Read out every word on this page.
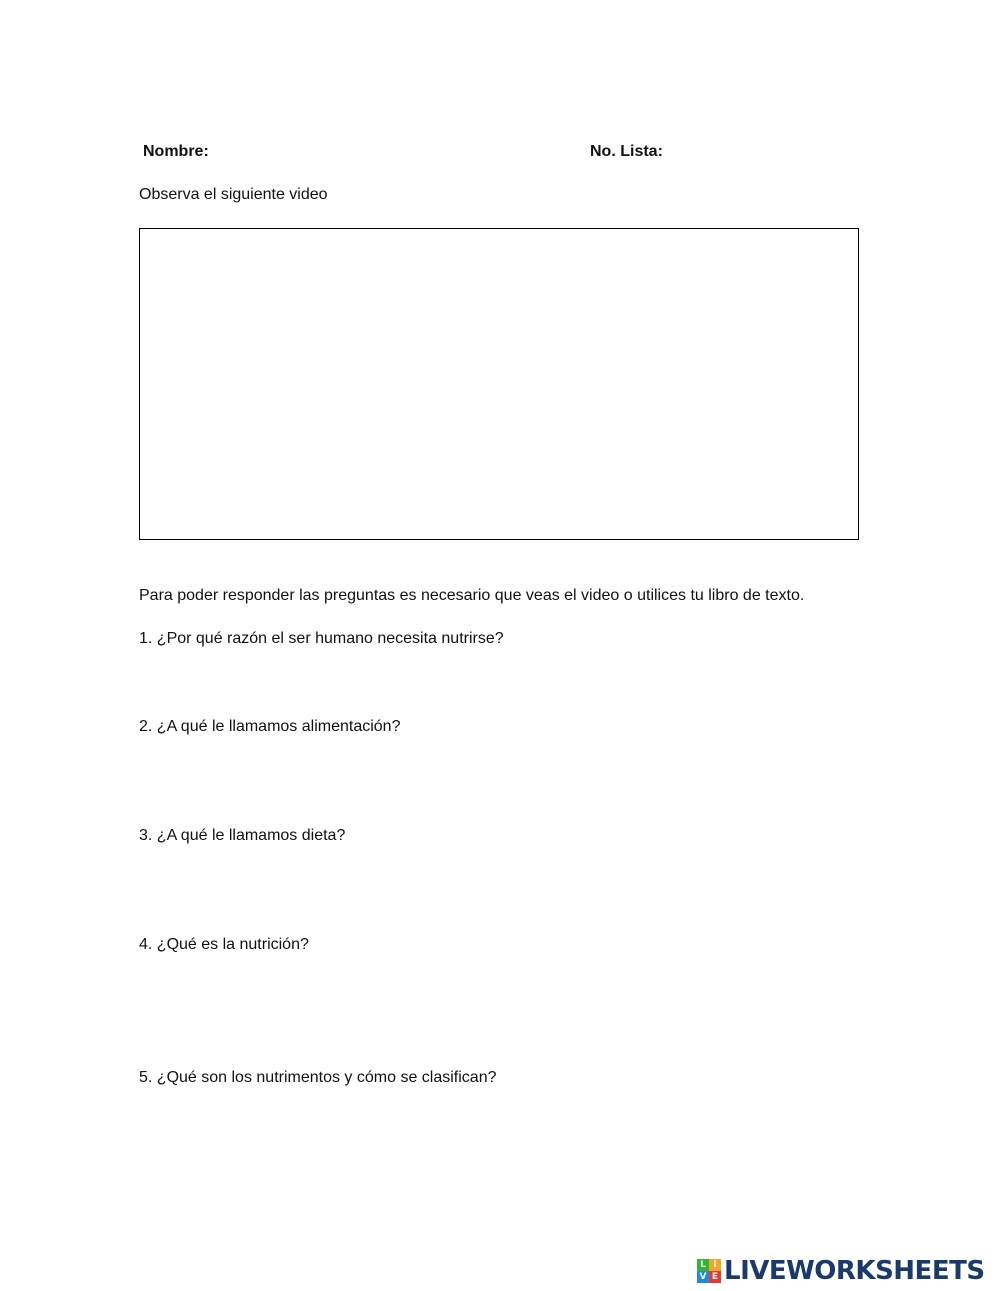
Nombre:	No. Lista:
Observa el siguiente video
Para poder responder las preguntas es necesario que veas el video o utilices tu libro de texto.
1. ¿Por qué razón el ser humano necesita nutrirse?
2. ¿A qué le llamamos alimentación?
3. ¿A qué le llamamos dieta?
4. ¿Qué es la nutrición?
5. ¿Qué son los nutrimentos y cómo se clasifican?
L I
V E LIVEWORKSHEETS
